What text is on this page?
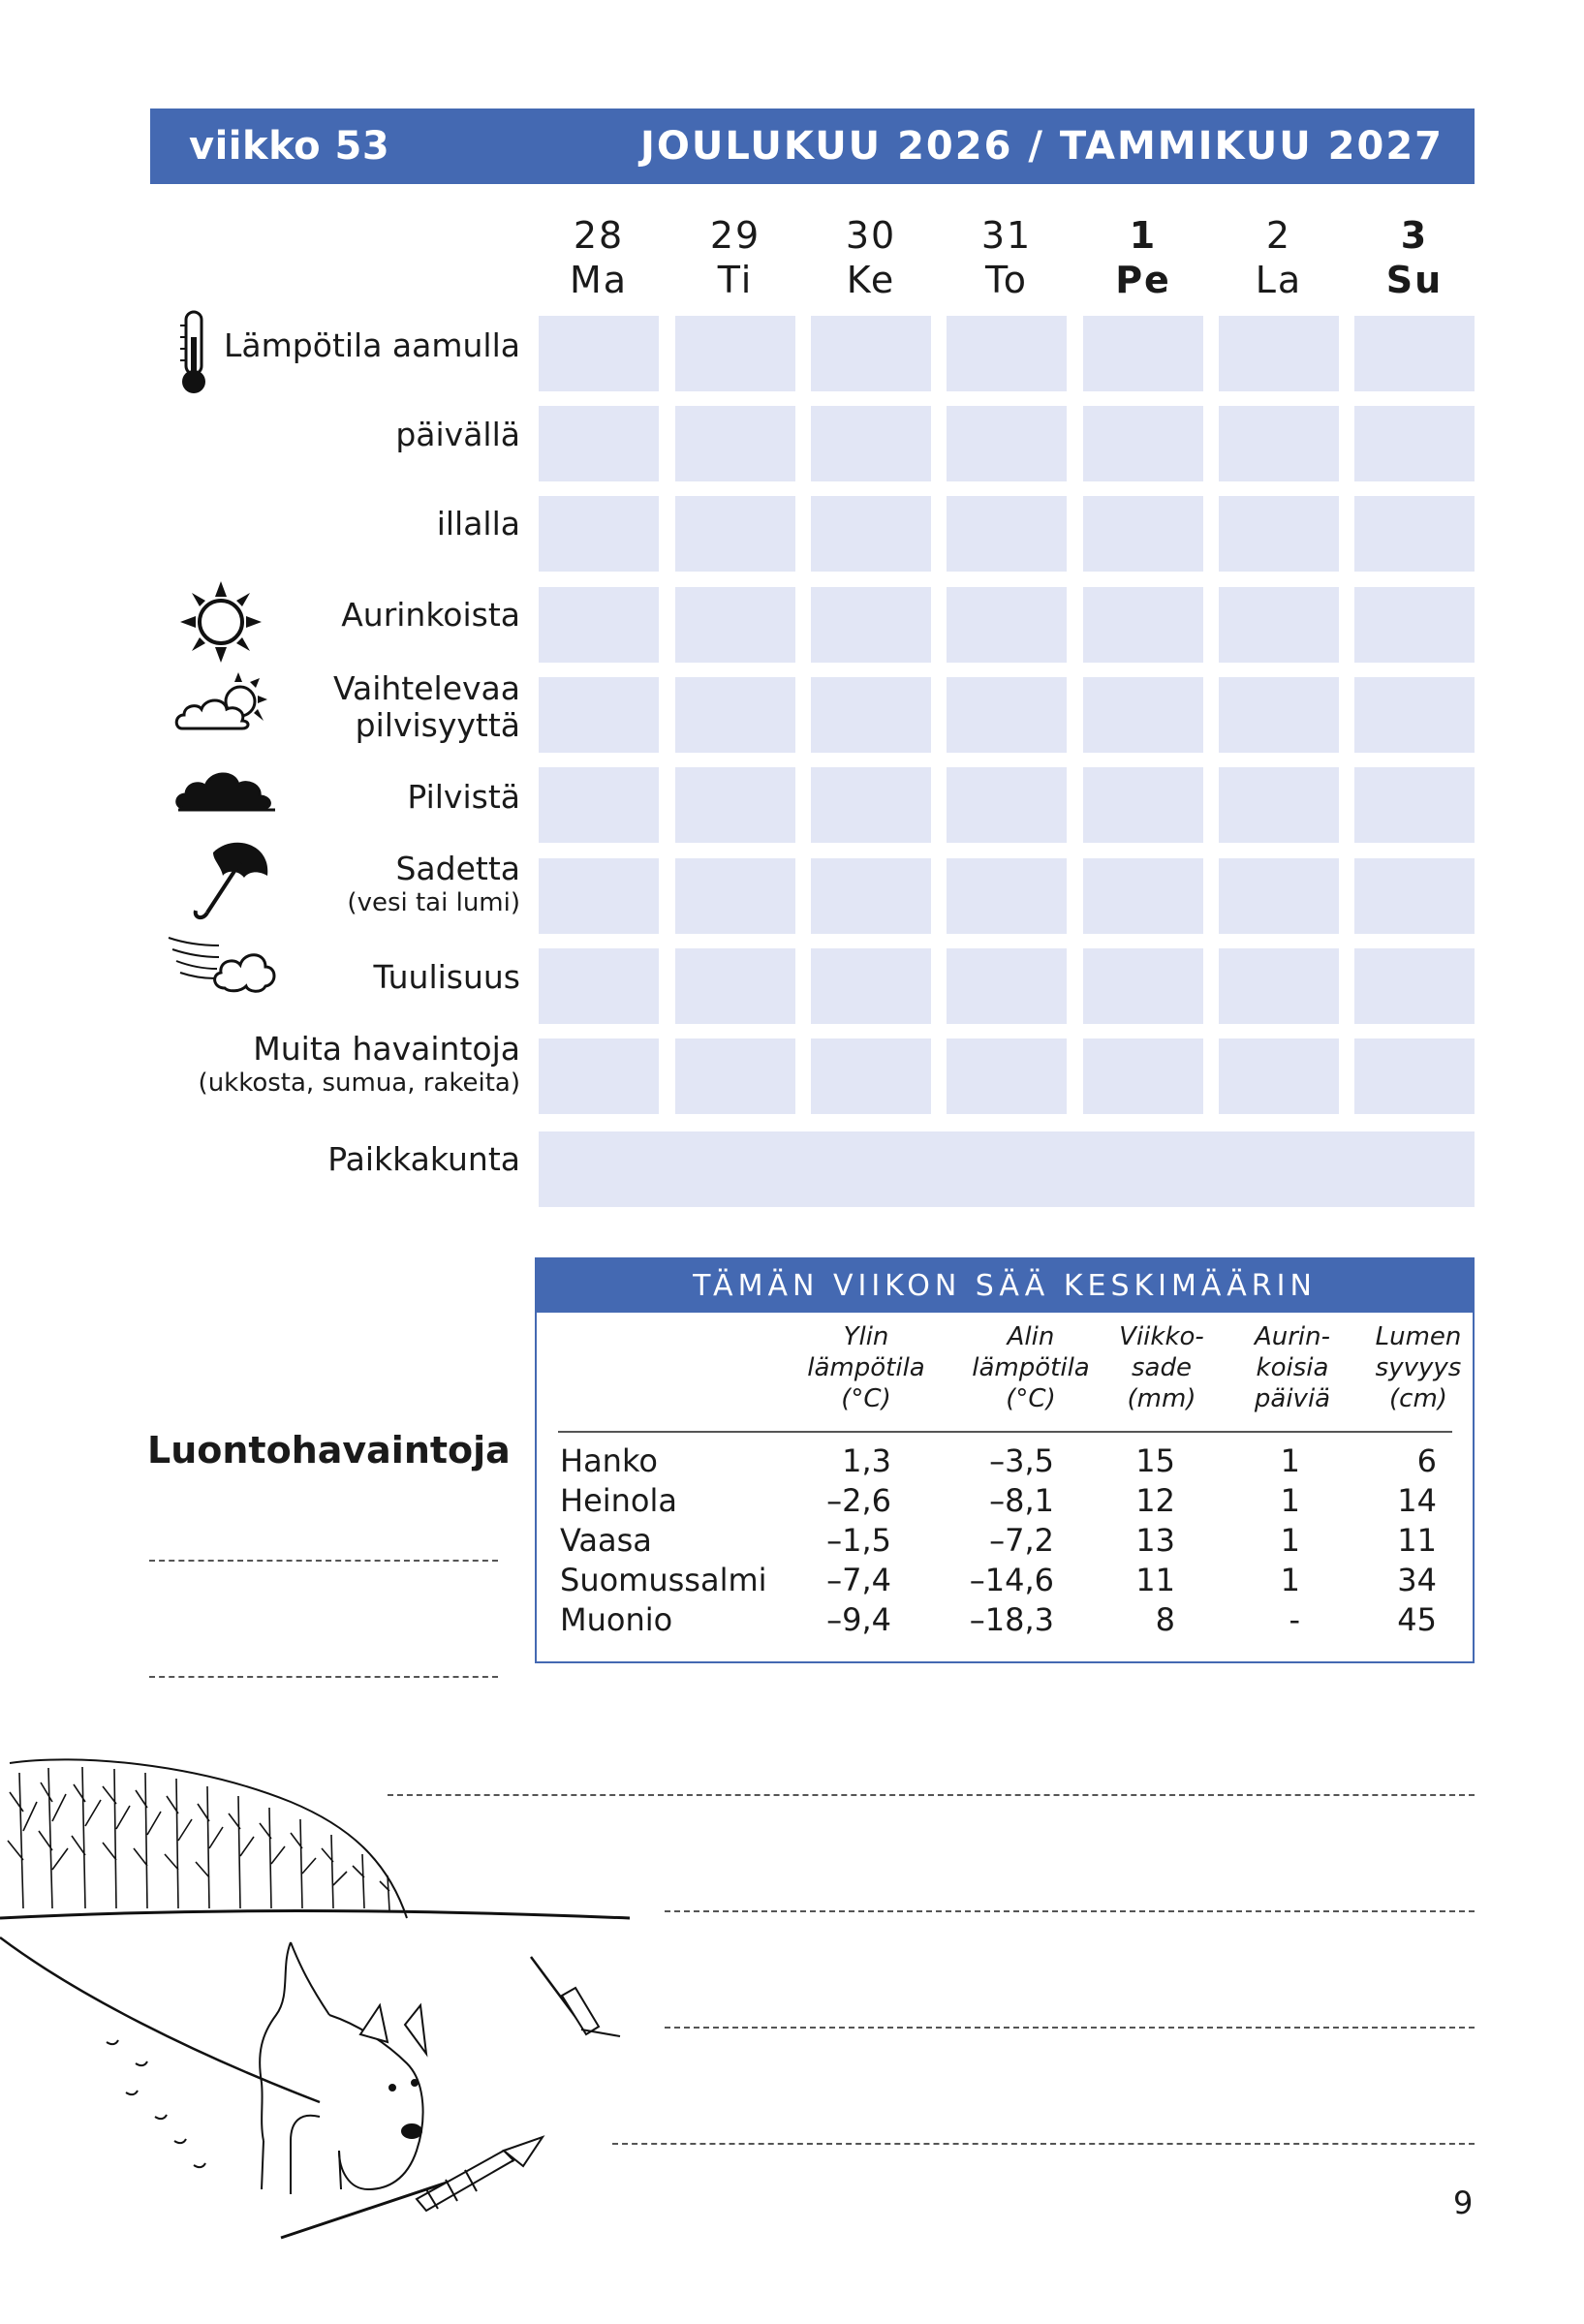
viikko 53	JOULUKUU 2026 / TAMMIKUU 2027
28
Ma
29
Ti
30
Ke
31
To
1
Pe
2
La
3
Su
Lämpötila aamulla
päivällä
illalla
Aurinkoista
Vaihtelevaa
pilvisyyttä
Pilvistä
Sadetta
(vesi tai lumi)
Tuulisuus
Muita havaintoja
(ukkosta, sumua, rakeita)
Paikkakunta
TÄMÄN VIIKON SÄÄ KESKIMÄÄRIN
Ylin
lämpötila
(°C)
Alin
lämpötila
(°C)
Viikko-
sade
(mm)
Aurin-
koisia
päiviä
Lumen
syvyys
(cm)
Hanko	1,3	–3,5	15	1	6
Heinola	–2,6	–8,1	12	1	14
Vaasa	–1,5	–7,2	13	1	11
Suomussalmi –7,4	–14,6	11	1	34
Muonio	–9,4	–18,3	8	-	45
Luontohavaintoja
9
